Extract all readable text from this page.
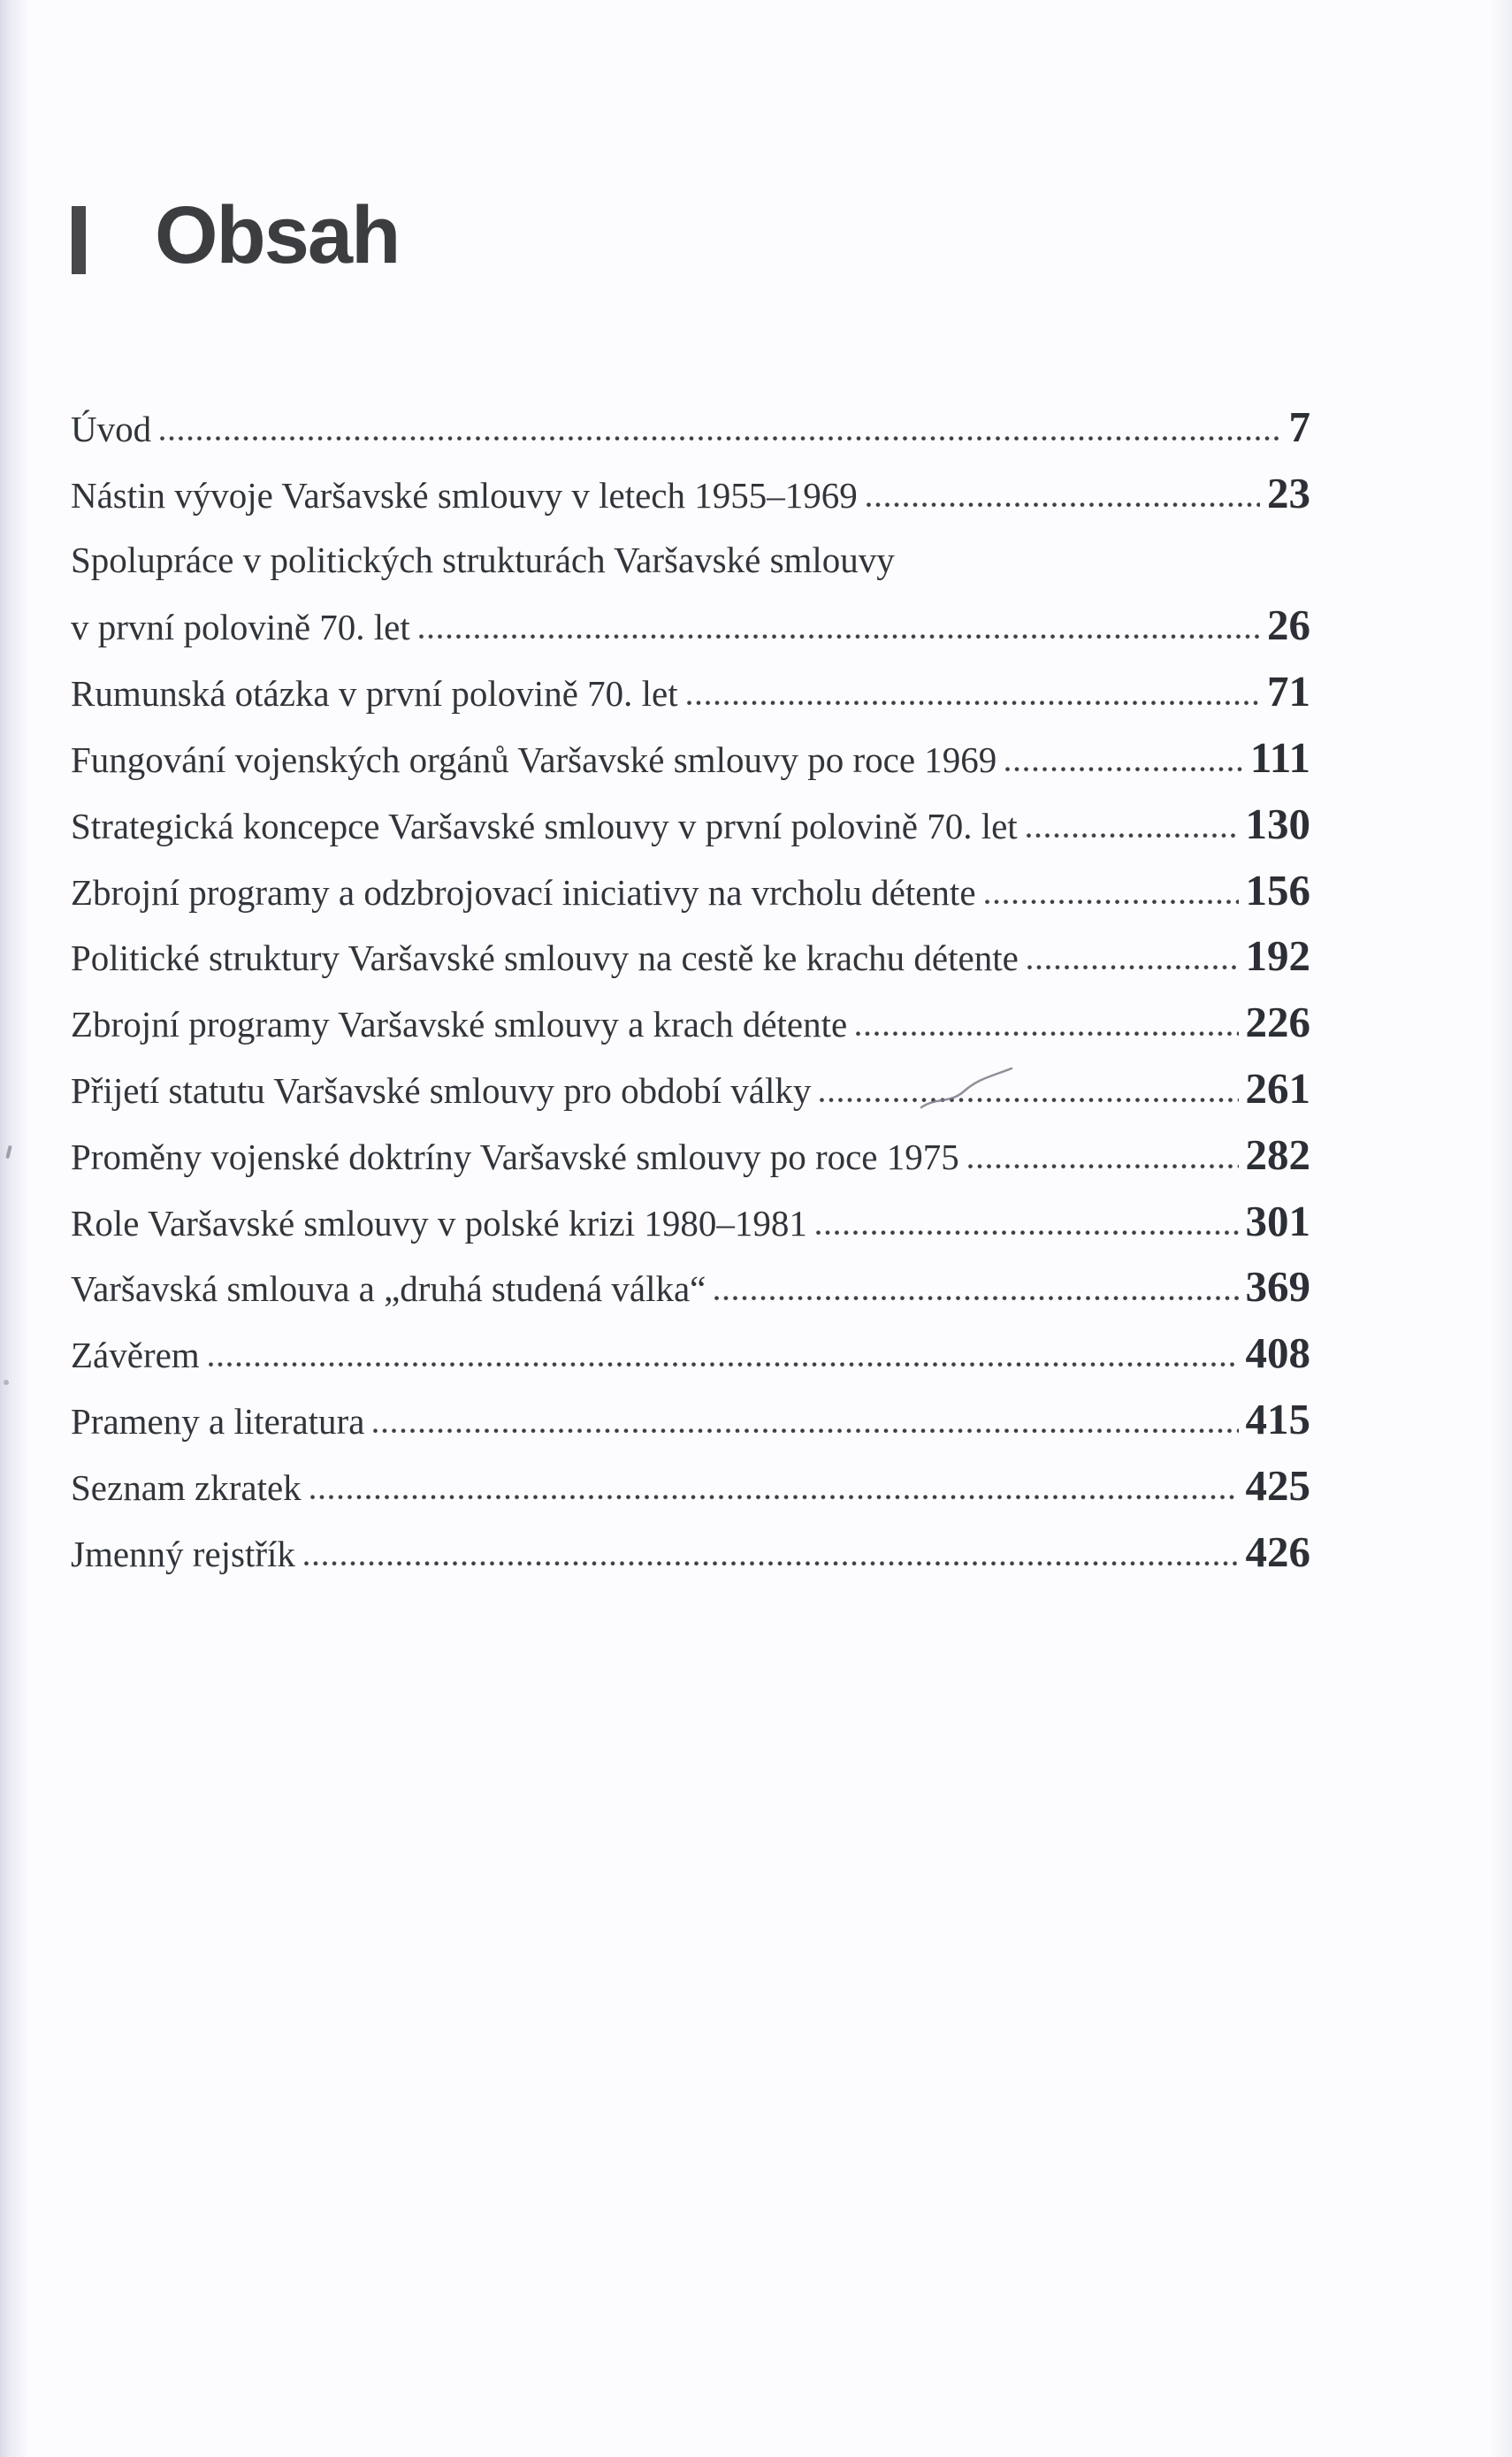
Obsah
Úvod	7
Nástin vývoje Varšavské smlouvy v letech 1955–1969	23
Spolupráce v politických strukturách Varšavské smlouvy
v první polovině 70. let	26
Rumunská otázka v první polovině 70. let	71
Fungování vojenských orgánů Varšavské smlouvy po roce 1969	111
Strategická koncepce Varšavské smlouvy v první polovině 70. let	130
Zbrojní programy a odzbrojovací iniciativy na vrcholu détente	156
Politické struktury Varšavské smlouvy na cestě ke krachu détente	192
Zbrojní programy Varšavské smlouvy a krach détente	226
Přijetí statutu Varšavské smlouvy pro období války	261
Proměny vojenské doktríny Varšavské smlouvy po roce 1975	282
Role Varšavské smlouvy v polské krizi 1980–1981	301
Varšavská smlouva a „druhá studená válka“	369
Závěrem	408
Prameny a literatura	415
Seznam zkratek	425
Jmenný rejstřík	426
